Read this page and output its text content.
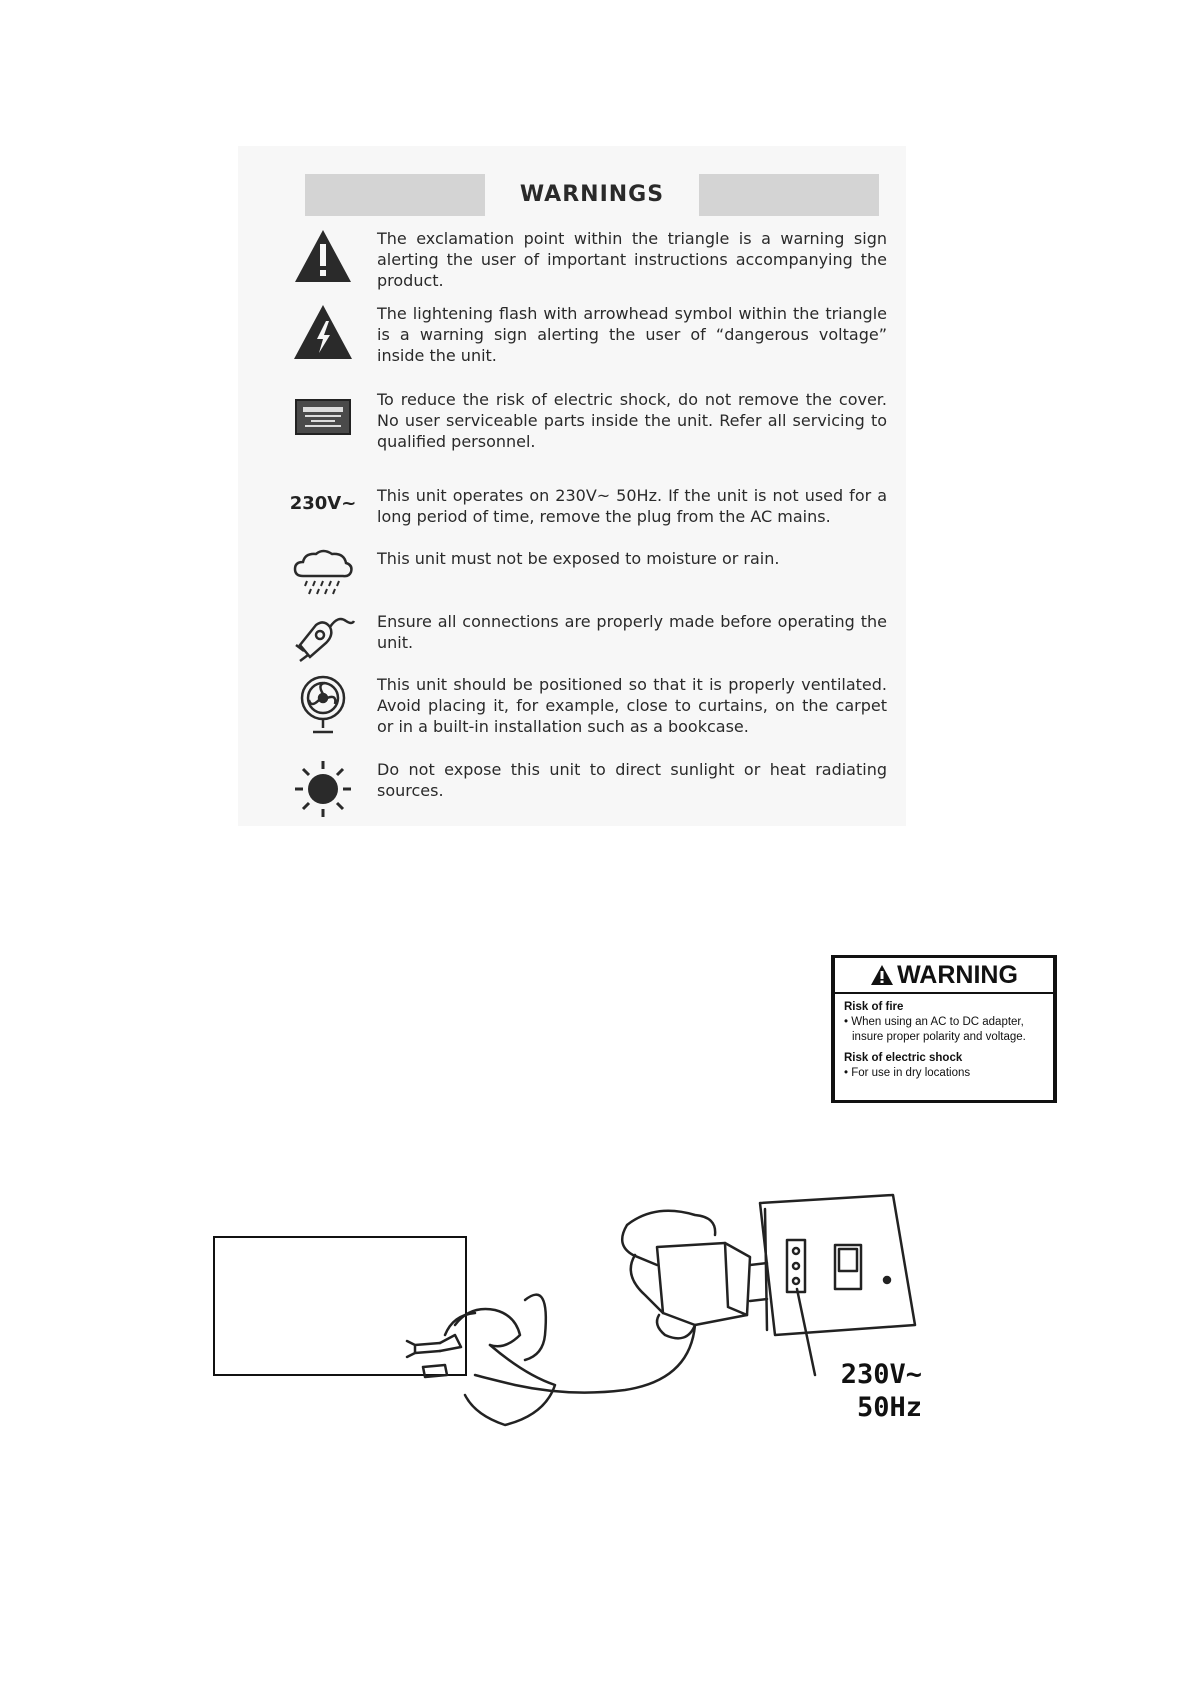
WARNINGS
The exclamation point within the triangle is a warning sign alerting the user of important instructions accompanying the product.
The lightening flash with arrowhead symbol within the triangle is a warning sign alerting the user of “dangerous voltage” inside the unit.
To reduce the risk of electric shock, do not remove the cover. No user serviceable parts inside the unit. Refer all servicing to qualified personnel.
230V~ This unit operates on 230V~ 50Hz. If the unit is not used for a long period of time, remove the plug from the AC mains.
This unit must not be exposed to moisture or rain.
Ensure all connections are properly made before operating the unit.
This unit should be positioned so that it is properly ventilated. Avoid placing it, for example, close to curtains, on the carpet or in a built-in installation such as a bookcase.
Do not expose this unit to direct sunlight or heat radiating sources.
WARNING
Risk of fire
• When using an AC to DC adapter,
insure proper polarity and voltage.
Risk of electric shock
• For use in dry locations
230V~
50Hz
